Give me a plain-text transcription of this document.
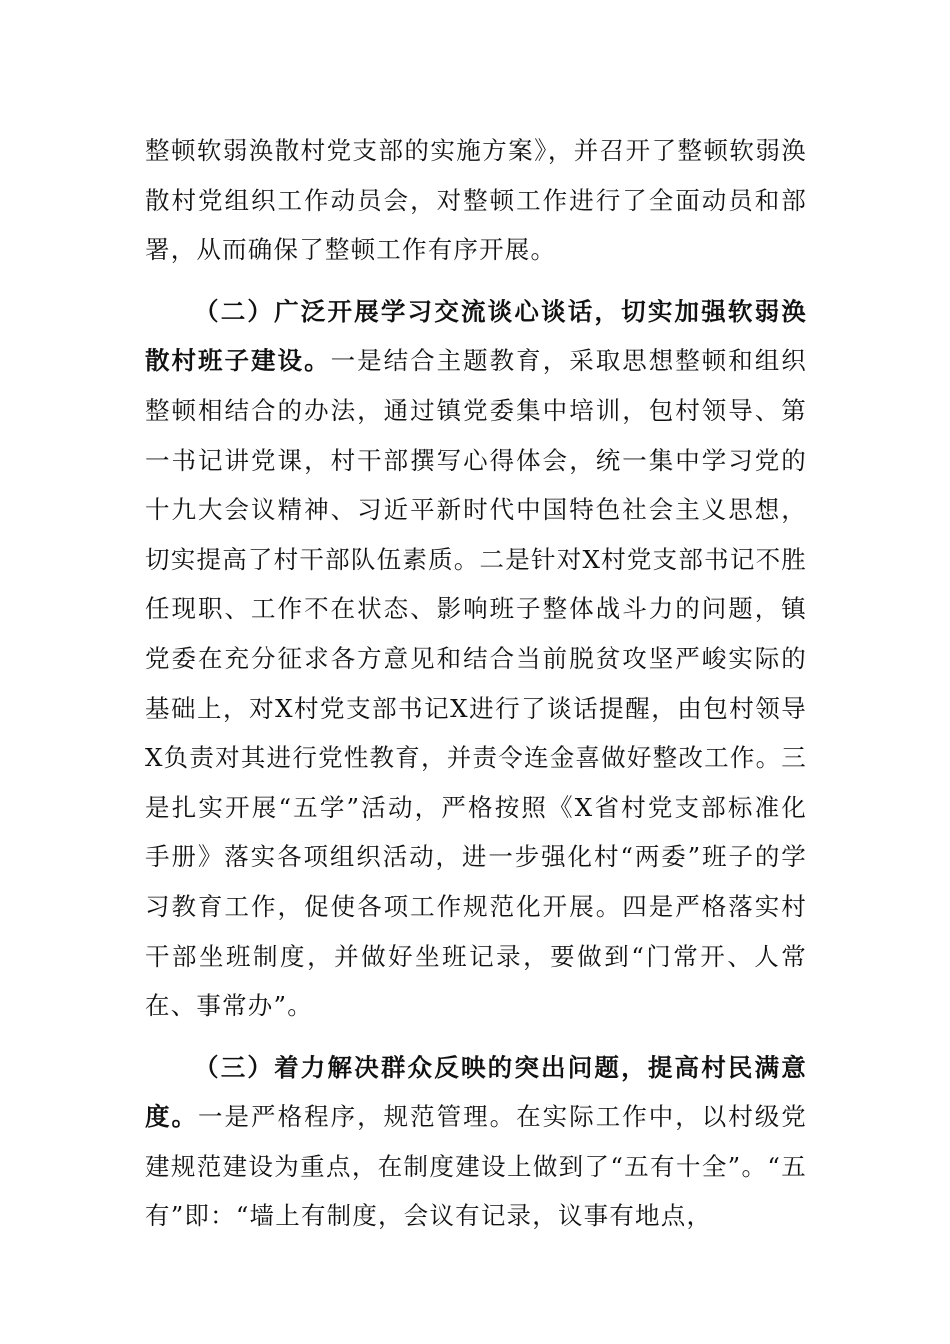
整顿软弱涣散村党支部的实施方案》，并召开了整顿软弱涣散村党组织工作动员会，对整顿工作进行了全面动员和部署，从而确保了整顿工作有序开展。

（二）广泛开展学习交流谈心谈话，切实加强软弱涣散村班子建设。一是结合主题教育，采取思想整顿和组织整顿相结合的办法，通过镇党委集中培训，包村领导、第一书记讲党课，村干部撰写心得体会，统一集中学习党的十九大会议精神、习近平新时代中国特色社会主义思想，切实提高了村干部队伍素质。二是针对X村党支部书记不胜任现职、工作不在状态、影响班子整体战斗力的问题，镇党委在充分征求各方意见和结合当前脱贫攻坚严峻实际的基础上，对X村党支部书记X进行了谈话提醒，由包村领导X负责对其进行党性教育，并责令连金喜做好整改工作。三是扎实开展“五学”活动，严格按照《X省村党支部标准化手册》落实各项组织活动，进一步强化村“两委”班子的学习教育工作，促使各项工作规范化开展。四是严格落实村干部坐班制度，并做好坐班记录，要做到“门常开、人常在、事常办”。

（三）着力解决群众反映的突出问题，提高村民满意度。一是严格程序，规范管理。在实际工作中，以村级党建规范建设为重点，在制度建设上做到了“五有十全”。“五有”即：“墙上有制度，会议有记录，议事有地点，
